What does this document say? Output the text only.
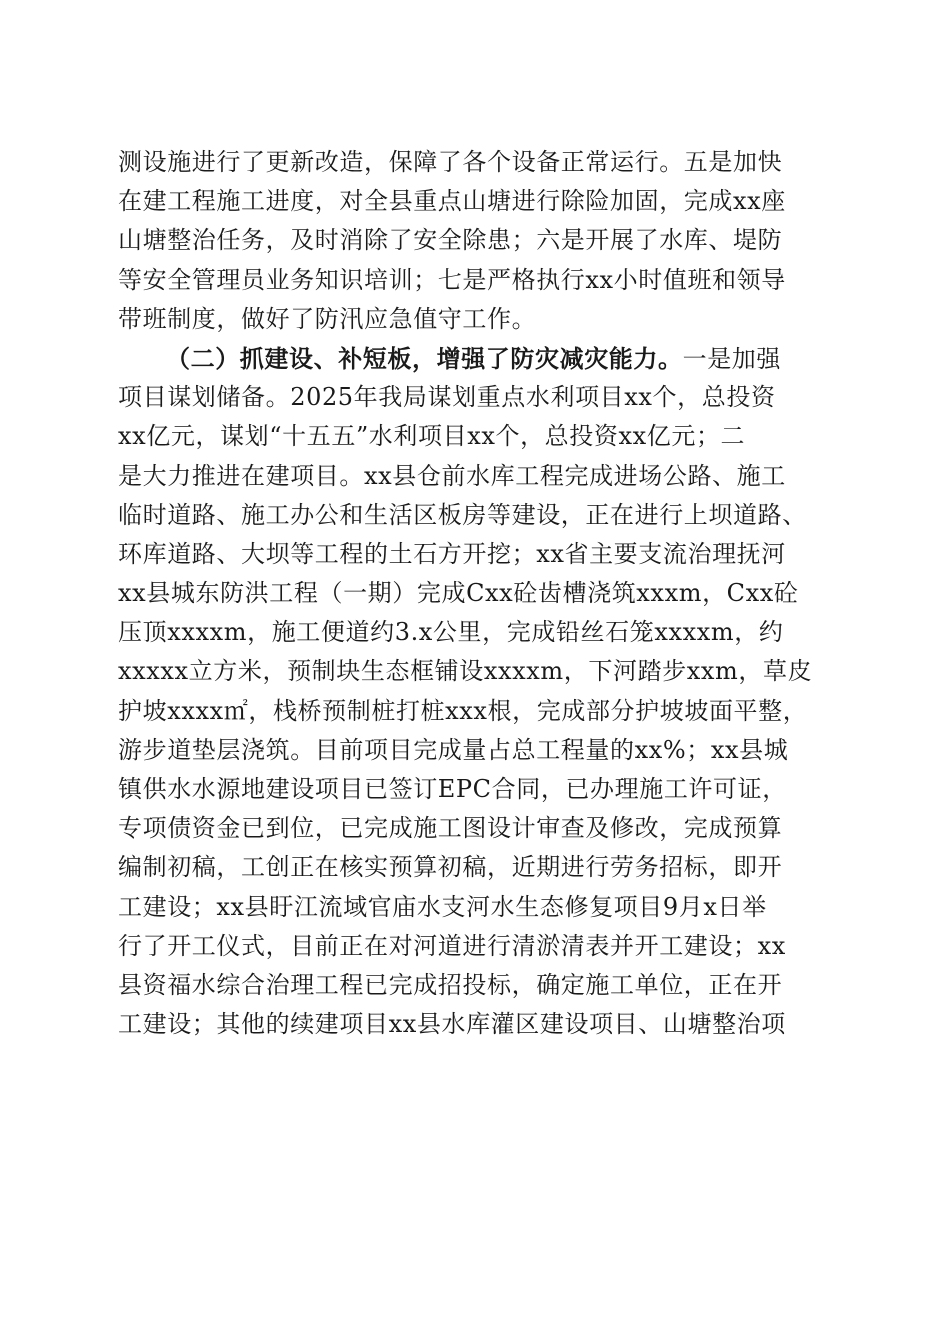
测设施进行了更新改造，保障了各个设备正常运行。五是加快
在建工程施工进度，对全县重点山塘进行除险加固，完成xx座
山塘整治任务，及时消除了安全除患；六是开展了水库、堤防
等安全管理员业务知识培训；七是严格执行xx小时值班和领导
带班制度，做好了防汛应急值守工作。
（二）抓建设、补短板，增强了防灾减灾能力。一是加强
项目谋划储备。2025年我局谋划重点水利项目xx个，总投资
xx亿元，谋划“十五五”水利项目xx个，总投资xx亿元；二
是大力推进在建项目。xx县仓前水库工程完成进场公路、施工
临时道路、施工办公和生活区板房等建设，正在进行上坝道路、
环库道路、大坝等工程的土石方开挖；xx省主要支流治理抚河
xx县城东防洪工程（一期）完成Cxx砼齿槽浇筑xxxm，Cxx砼
压顶xxxxm，施工便道约3.x公里，完成铅丝石笼xxxxm，约
xxxxx立方米，预制块生态框铺设xxxxm，下河踏步xxm，草皮
护坡xxxx㎡，栈桥预制桩打桩xxx根，完成部分护坡坡面平整，
游步道垫层浇筑。目前项目完成量占总工程量的xx%；xx县城
镇供水水源地建设项目已签订EPC合同，已办理施工许可证，
专项债资金已到位，已完成施工图设计审查及修改，完成预算
编制初稿，工创正在核实预算初稿，近期进行劳务招标，即开
工建设；xx县盱江流域官庙水支河水生态修复项目9月x日举
行了开工仪式，目前正在对河道进行清淤清表并开工建设；xx
县资福水综合治理工程已完成招投标，确定施工单位，正在开
工建设；其他的续建项目xx县水库灌区建设项目、山塘整治项
